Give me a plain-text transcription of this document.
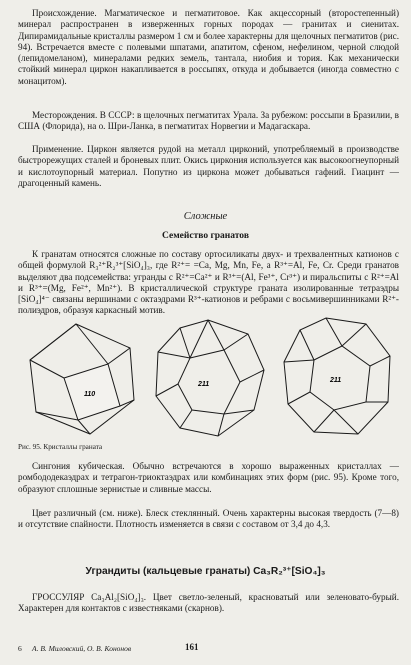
Происхождение. Магматическое и пегматитовое. Как акцессорный (второстепенный) минерал распространен в изверженных горных породах — гранитах и сиенитах. Дипирамидальные кристаллы размером 1 см и более характерны для щелочных пегматитов (рис. 94). Встречается вместе с полевыми шпатами, апатитом, сфеном, нефелином, черной слюдой (лепидомеланом), минералами редких земель, тантала, ниобия и тория. Как механически стойкий минерал циркон накапливается в россыпях, откуда и добывается (иногда совместно с монацитом).

Месторождения. В СССР: в щелочных пегматитах Урала. За рубежом: россыпи в Бразилии, в США (Флорида), на о. Шри-Ланка, в пегматитах Норвегии и Мадагаскара.

Применение. Циркон является рудой на металл цирконий, употребляемый в производстве быстрорежущих сталей и броневых плит. Окись циркония используется как высокоогнеупорный и кислотоупорный материал. Попутно из циркона может добываться гафний. Гиацинт — драгоценный камень.

Сложные

Семейство гранатов

К гранатам относятся сложные по составу ортосиликаты двух- и трехвалентных катионов с общей формулой R₃²⁺R₂³⁺[SiO₄]₃, где R²⁺= =Ca, Mg, Mn, Fe, а R³⁺=Al, Fe, Cr. Среди гранатов выделяют два подсемейства: угранды с R²⁺=Ca²⁺ и R³⁺=(Al, Fe³⁺, Cr³⁺) и пиральспиты с R²⁺=Al и R³⁺=(Mg, Fe²⁺, Mn²⁺). В кристаллической структуре граната изолированные тетраэдры [SiO₄]⁴⁻ связаны вершинами с октаэдрами R³⁺-катионов и ребрами с восьмивершинниками R²⁺-полиэдров, образуя каркасный мотив.

110
211
211
Рис. 95. Кристаллы граната

Сингония кубическая. Обычно встречаются в хорошо выраженных кристаллах — ромбододекаэдрах и тетрагон-триоктаэдрах или комбинациях этих форм (рис. 95). Кроме того, образуют сплошные зернистые и сливные массы.

Цвет различный (см. ниже). Блеск стеклянный. Очень характерны высокая твердость (7—8) и отсутствие спайности. Плотность изменяется в связи с составом от 3,4 до 4,3.

Уграндиты (кальцевые гранаты) Ca₃R₂³⁺[SiO₄]₃

ГРОССУЛЯР Ca₃Al₂[SiO₄]₃. Цвет светло-зеленый, красноватый или зеленовато-бурый. Характерен для контактов с известняками (скарнов).

6 А. В. Миловский, О. В. Кононов	161
